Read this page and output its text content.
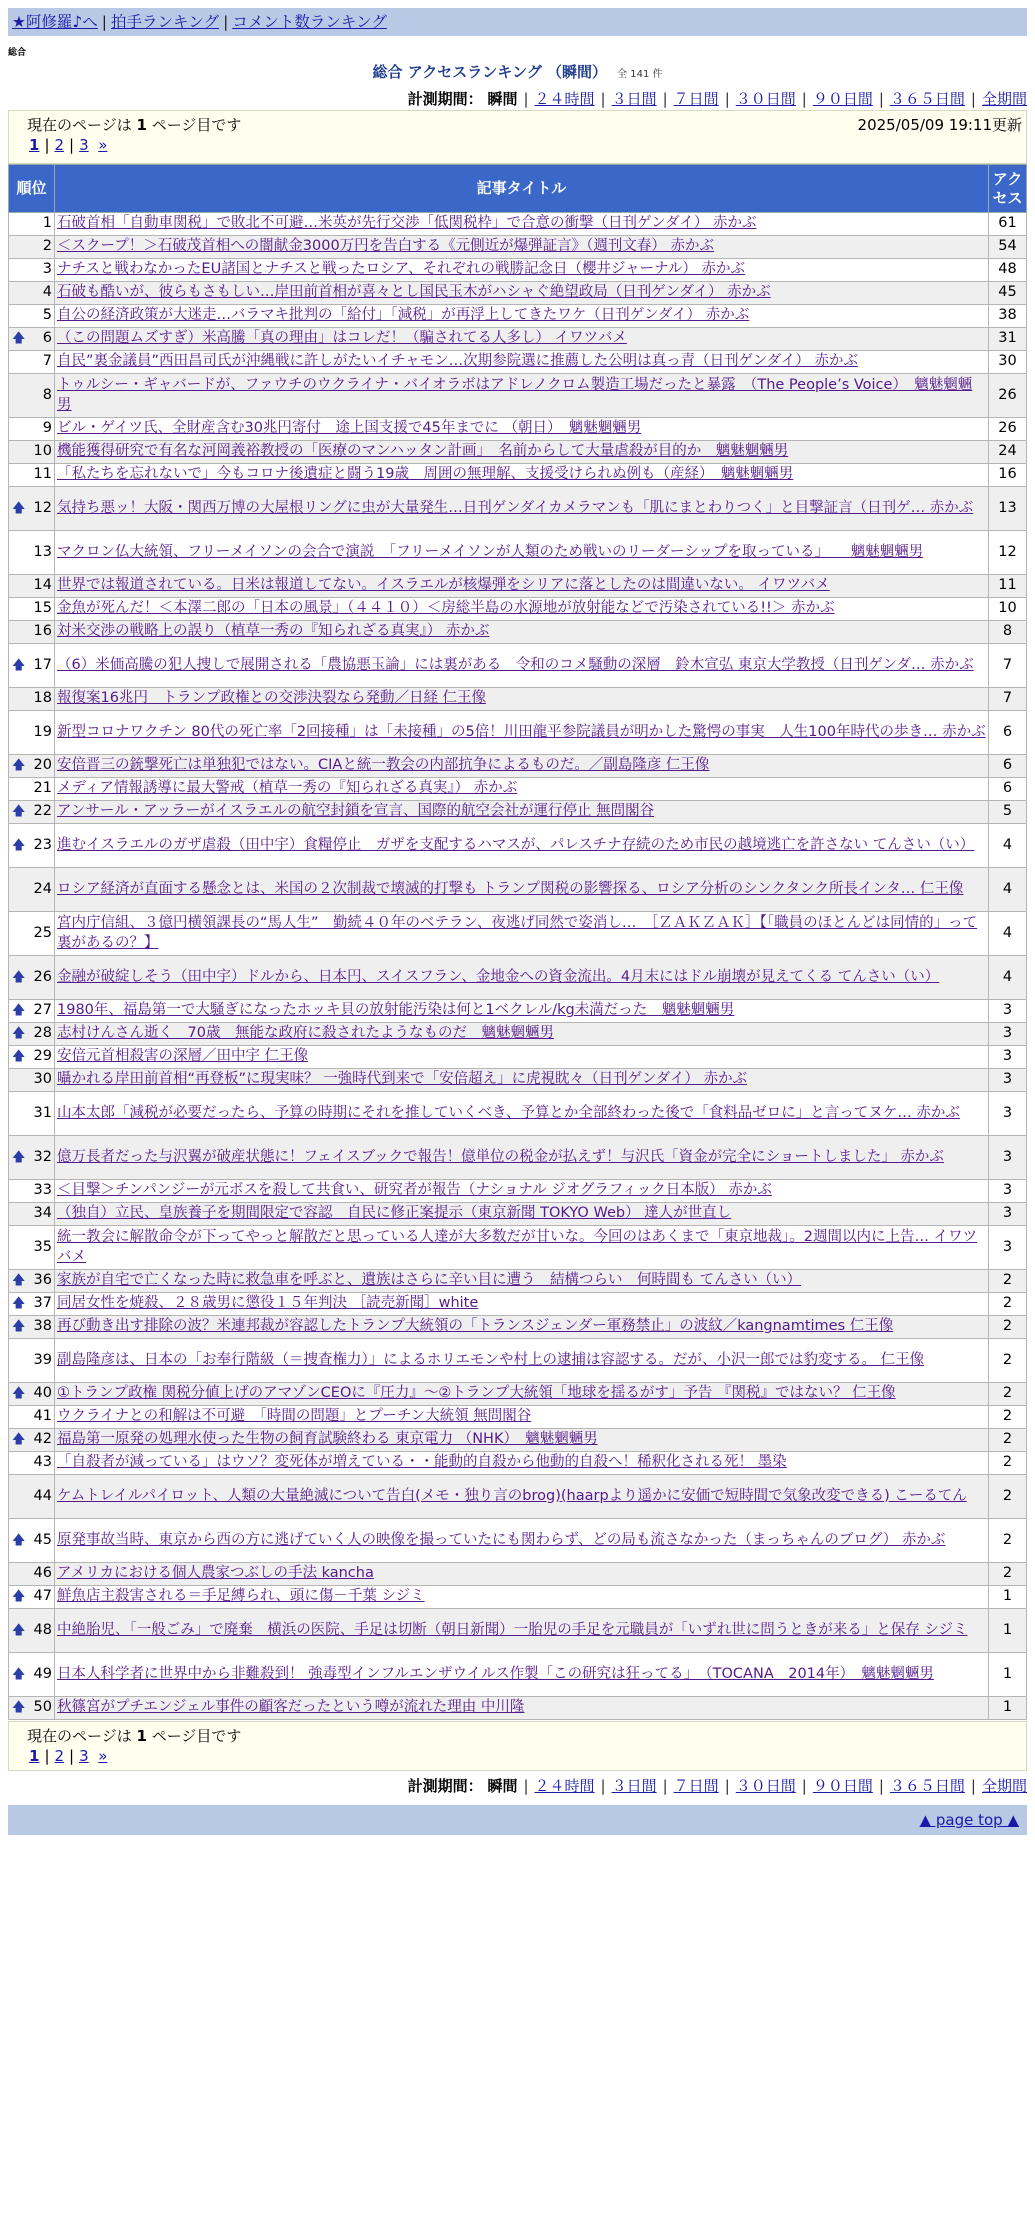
★阿修羅♪へ | 拍手ランキング | コメント数ランキング
総合
総合 アクセスランキング （瞬間） 全 141 件
計測期間： 瞬間 | ２４時間 | ３日間 | ７日間 | ３０日間 | ９０日間 | ３６５日間 | 全期間
現在のページは 1 ページ目です	2025/05/09 19:11更新
1 | 2 | 3 »
順位	記事タイトル	アクセス
1	石破首相「自動車関税」で敗北不可避…米英が先行交渉「低関税枠」で合意の衝撃（日刊ゲンダイ） 赤かぶ	61
2	＜スクープ！＞石破茂首相への闇献金3000万円を告白する《元側近が爆弾証言》（週刊文春） 赤かぶ	54
3	ナチスと戦わなかったEU諸国とナチスと戦ったロシア、それぞれの戦勝記念日（櫻井ジャーナル） 赤かぶ	48
4	石破も酷いが、彼らもさもしい…岸田前首相が喜々とし国民玉木がハシャぐ絶望政局（日刊ゲンダイ） 赤かぶ	45
5	自公の経済政策が大迷走…バラマキ批判の「給付」「減税」が再浮上してきたワケ（日刊ゲンダイ） 赤かぶ	38

🡅 6	（この問題ムズすぎ）米高騰「真の理由」はコレだ！（騙されてる人多し） イワツバメ	31
7	自民”裏金議員”西田昌司氏が沖縄戦に許しがたいイチャモン…次期参院選に推薦した公明は真っ青（日刊ゲンダイ） 赤かぶ	30
8	トゥルシー・ギャバードが、ファウチのウクライナ・バイオラボはアドレノクロム製造工場だったと暴露　（The People’s Voice）　魑魅魍魎男	26
9	ビル・ゲイツ氏、全財産含む30兆円寄付　途上国支援で45年までに （朝日）　魑魅魍魎男	26
10	機能獲得研究で有名な河岡義裕教授の「医療のマンハッタン計画」　名前からして大量虐殺が目的か　魑魅魍魎男	24
11	「私たちを忘れないで」今もコロナ後遺症と闘う19歳　周囲の無理解、支援受けられぬ例も（産経）　魑魅魍魎男	16

🡅 12	気持ち悪ッ！大阪・関西万博の大屋根リングに虫が大量発生…日刊ゲンダイカメラマンも「肌にまとわりつく」と目撃証言（日刊ゲ… 赤かぶ	13
13	マクロン仏大統領、フリーメイソンの会合で演説　「フリーメイソンが人類のため戦いのリーダーシップを取っている」　　魑魅魍魎男	12
14	世界では報道されている。日米は報道してない。イスラエルが核爆弾をシリアに落としたのは間違いない。 イワツバメ	11
15	金魚が死んだ！＜本澤二郎の「日本の風景」（４４１０）＜房総半島の水源地が放射能などで汚染されている!!＞ 赤かぶ	10
16	対米交渉の戦略上の誤り（植草一秀の『知られざる真実』） 赤かぶ	8

🡅 17	（6）米価高騰の犯人捜しで展開される「農協悪玉論」には裏がある　令和のコメ騒動の深層　鈴木宣弘 東京大学教授（日刊ゲンダ… 赤かぶ	7
18	報復案16兆円　トランプ政権との交渉決裂なら発動／日経 仁王像	7
19	新型コロナワクチン 80代の死亡率「2回接種」は「未接種」の5倍！川田龍平参院議員が明かした驚愕の事実　人生100年時代の歩き… 赤かぶ	6

🡅 20	安倍晋三の銃撃死亡は単独犯ではない。CIAと統一教会の内部抗争によるものだ。／副島隆彦 仁王像	6
21	メディア情報誘導に最大警戒（植草一秀の『知られざる真実』） 赤かぶ	6

🡅 22	アンサール・アッラーがイスラエルの航空封鎖を宣言、国際的航空会社が運行停止 無問閣谷	5

🡅 23	進むイスラエルのガザ虐殺（田中宇）食糧停止　ガザを支配するハマスが、パレスチナ存続のため市民の越境逃亡を許さない てんさい（い）	4
24	ロシア経済が直面する懸念とは、米国の２次制裁で壊滅的打撃も トランプ関税の影響探る、ロシア分析のシンクタンク所長インタ… 仁王像	4
25	宮内庁信組、３億円横領課長の“馬人生”　勤続４０年のベテラン、夜逃げ同然で姿消し…　［ＺＡＫＺＡＫ］【「職員のほとんどは同情的」って裏があるの？】	4

🡅 26	金融が破綻しそう（田中宇）ドルから、日本円、スイスフラン、金地金への資金流出。4月末にはドル崩壊が見えてくる てんさい（い）	4

🡅 27	1980年、福島第一で大騒ぎになったホッキ貝の放射能汚染は何と1ベクレル/kg未満だった　魑魅魍魎男	3

🡅 28	志村けんさん逝く　70歳　無能な政府に殺されたようなものだ　魑魅魍魎男	3

🡅 29	安倍元首相殺害の深層／田中宇 仁王像	3
30	囁かれる岸田前首相“再登板”に現実味？ 一強時代到来で「安倍超え」に虎視眈々（日刊ゲンダイ） 赤かぶ	3
31	山本太郎「減税が必要だったら、予算の時期にそれを推していくべき、予算とか全部終わった後で「食料品ゼロに」と言ってヌケ… 赤かぶ	3

🡅 32	億万長者だった与沢翼が破産状態に！フェイスブックで報告！億単位の税金が払えず！与沢氏「資金が完全にショートしました」 赤かぶ	3
33	＜目撃＞チンパンジーが元ボスを殺して共食い、研究者が報告（ナショナル ジオグラフィック日本版） 赤かぶ	3
34	（独自）立民、皇族養子を期間限定で容認　自民に修正案提示（東京新聞 TOKYO Web） 達人が世直し	3
35	統一教会に解散命令が下ってやっと解散だと思っている人達が大多数だが甘いな。今回のはあくまで「東京地裁」。2週間以内に上告… イワツバメ	3

🡅 36	家族が自宅で亡くなった時に救急車を呼ぶと、遺族はさらに辛い目に遭う　結構つらい　何時間も てんさい（い）	2

🡅 37	同居女性を焼殺、２８歳男に懲役１５年判決 ［読売新聞］white	2

🡅 38	再び動き出す排除の波？米連邦裁が容認したトランプ大統領の「トランスジェンダー軍務禁止」の波紋／kangnamtimes 仁王像	2
39	副島隆彦は、日本の「お奉行階級（＝捜査権力）」によるホリエモンや村上の逮捕は容認する。だが、小沢一郎では豹変する。 仁王像	2

🡅 40	①トランプ政権 関税分値上げのアマゾンCEOに『圧力』～②トランプ大統領「地球を揺るがす」予告 『関税』ではない？ 仁王像	2
41	ウクライナとの和解は不可避　「時間の問題」とプーチン大統領 無問閣谷	2

🡅 42	福島第一原発の処理水使った生物の飼育試験終わる 東京電力 （NHK）　魑魅魍魎男	2
43	「自殺者が減っている」はウソ？変死体が増えている・・能動的自殺から他動的自殺へ！稀釈化される死！ 墨染	2
44	ケムトレイルパイロット、人類の大量絶滅について告白(メモ・独り言のbrog)(haarpより遥かに安価で短時間で気象改変できる) こーるてん	2

🡅 45	原発事故当時、東京から西の方に逃げていく人の映像を撮っていたにも関わらず、どの局も流さなかった（まっちゃんのブログ） 赤かぶ	2
46	アメリカにおける個人農家つぶしの手法 kancha	2

🡅 47	鮮魚店主殺害される＝手足縛られ、頭に傷－千葉 シジミ	1

🡅 48	中絶胎児、「一般ごみ」で廃棄　横浜の医院、手足は切断（朝日新聞）一胎児の手足を元職員が「いずれ世に問うときが来る」と保存 シジミ	1

🡅 49	日本人科学者に世界中から非難殺到！ 強毒型インフルエンザウイルス作製「この研究は狂ってる」　（TOCANA　2014年）　魑魅魍魎男	1

🡅 50	秋篠宮がプチエンジェル事件の顧客だったという噂が流れた理由 中川隆	1
現在のページは 1 ページ目です
1 | 2 | 3 »
計測期間： 瞬間 | ２４時間 | ３日間 | ７日間 | ３０日間 | ９０日間 | ３６５日間 | 全期間
▲ page top ▲
